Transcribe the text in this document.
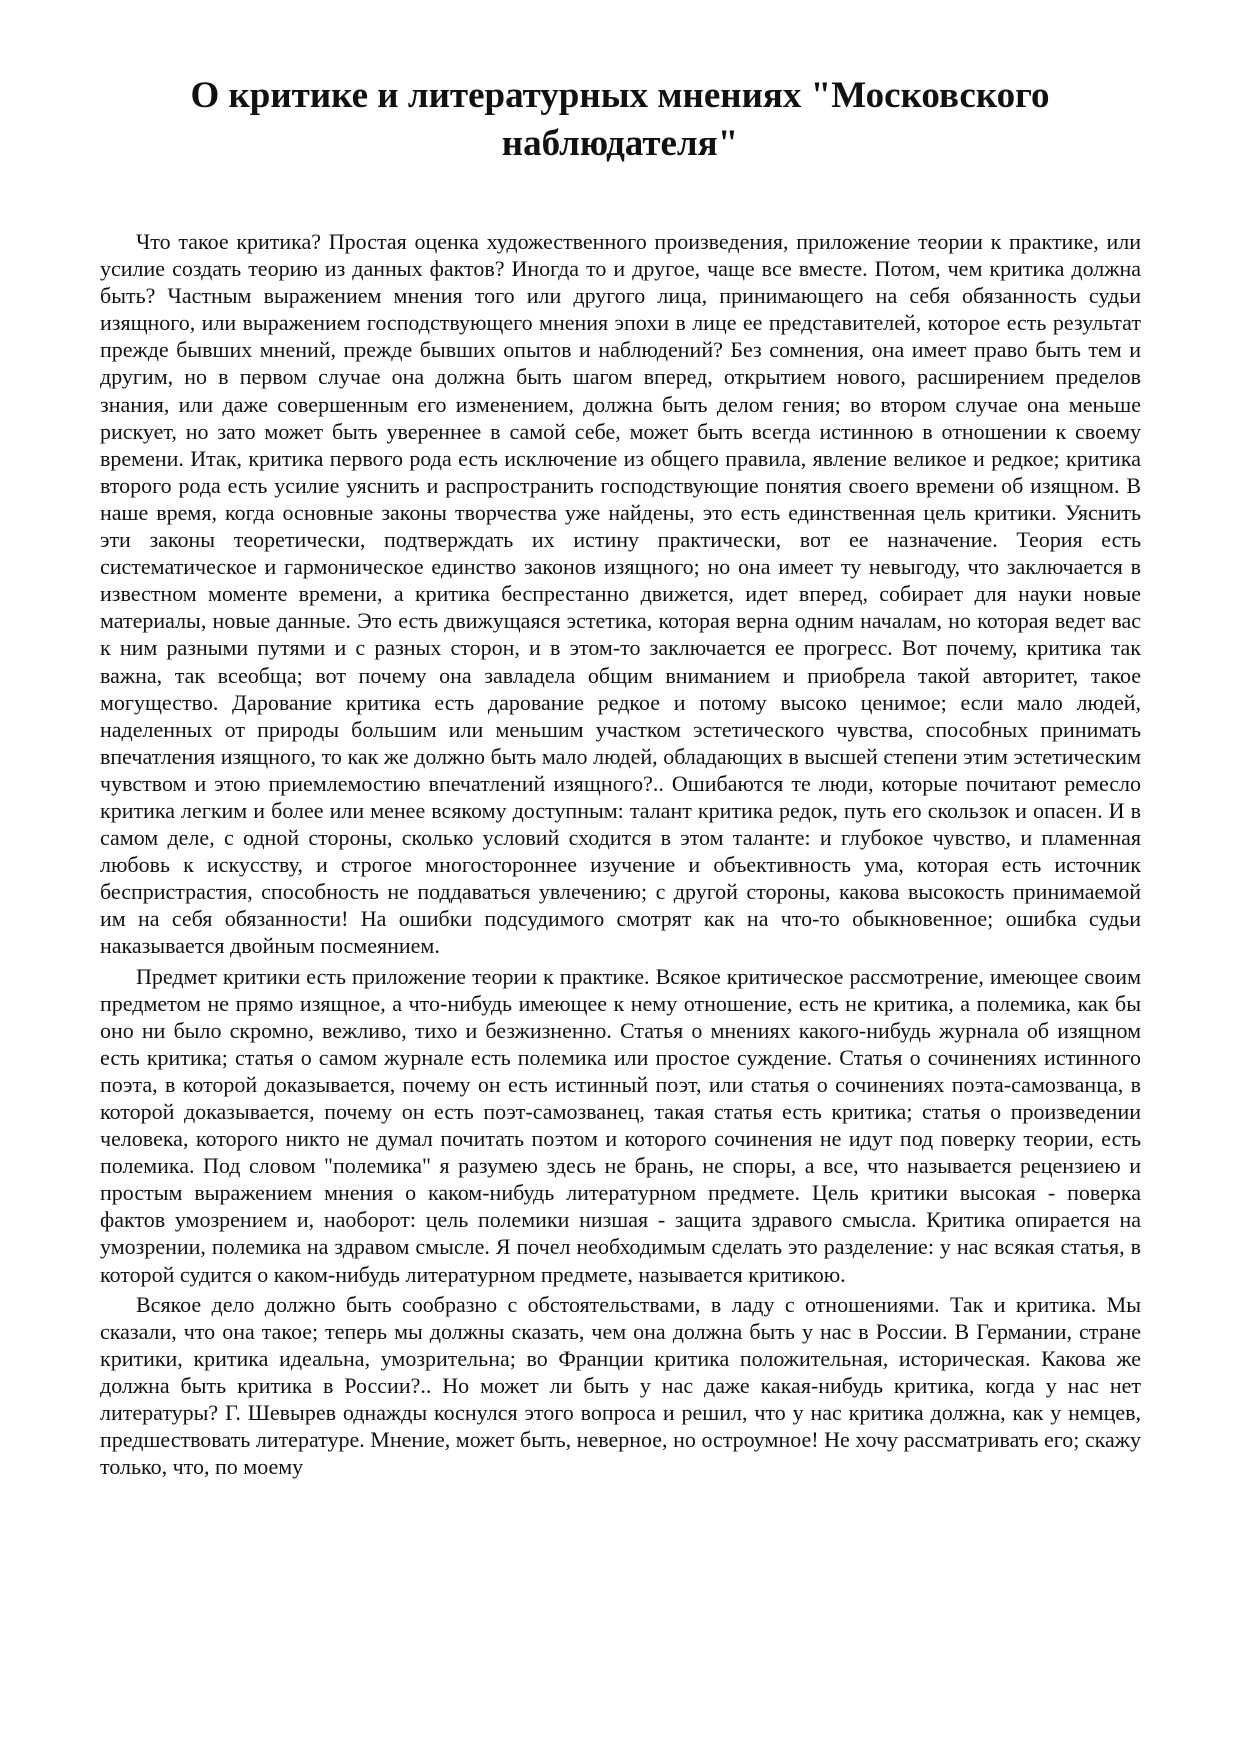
О критике и литературных мнениях "Московского наблюдателя"

Что такое критика? Простая оценка художественного произведения, приложение теории к практике, или усилие создать теорию из данных фактов? Иногда то и другое, чаще все вместе. Потом, чем критика должна быть? Частным выражением мнения того или другого лица, принимающего на себя обязанность судьи изящного, или выражением господствующего мнения эпохи в лице ее представителей, которое есть результат прежде бывших мнений, прежде бывших опытов и наблюдений? Без сомнения, она имеет право быть тем и другим, но в первом случае она должна быть шагом вперед, открытием нового, расширением пределов знания, или даже совершенным его изменением, должна быть делом гения; во втором случае она меньше рискует, но зато может быть увереннее в самой себе, может быть всегда истинною в отношении к своему времени. Итак, критика первого рода есть исключение из общего правила, явление великое и редкое; критика второго рода есть усилие уяснить и распространить господствующие понятия своего времени об изящном. В наше время, когда основные законы творчества уже найдены, это есть единственная цель критики. Уяснить эти законы теоретически, подтверждать их истину практически, вот ее назначение. Теория есть систематическое и гармоническое единство законов изящного; но она имеет ту невыгоду, что заключается в известном моменте времени, а критика беспрестанно движется, идет вперед, собирает для науки новые материалы, новые данные. Это есть движущаяся эстетика, которая верна одним началам, но которая ведет вас к ним разными путями и с разных сторон, и в этом-то заключается ее прогресс. Вот почему, критика так важна, так всеобща; вот почему она завладела общим вниманием и приобрела такой авторитет, такое могущество. Дарование критика есть дарование редкое и потому высоко ценимое; если мало людей, наделенных от природы большим или меньшим участком эстетического чувства, способных принимать впечатления изящного, то как же должно быть мало людей, обладающих в высшей степени этим эстетическим чувством и этою приемлемостию впечатлений изящного?.. Ошибаются те люди, которые почитают ремесло критика легким и более или менее всякому доступным: талант критика редок, путь его скользок и опасен. И в самом деле, с одной стороны, сколько условий сходится в этом таланте: и глубокое чувство, и пламенная любовь к искусству, и строгое многостороннее изучение и объективность ума, которая есть источник беспристрастия, способность не поддаваться увлечению; с другой стороны, какова высокость принимаемой им на себя обязанности! На ошибки подсудимого смотрят как на что-то обыкновенное; ошибка судьи наказывается двойным посмеянием.

Предмет критики есть приложение теории к практике. Всякое критическое рассмотрение, имеющее своим предметом не прямо изящное, а что-нибудь имеющее к нему отношение, есть не критика, а полемика, как бы оно ни было скромно, вежливо, тихо и безжизненно. Статья о мнениях какого-нибудь журнала об изящном есть критика; статья о самом журнале есть полемика или простое суждение. Статья о сочинениях истинного поэта, в которой доказывается, почему он есть истинный поэт, или статья о сочинениях поэта-самозванца, в которой доказывается, почему он есть поэт-самозванец, такая статья есть критика; статья о произведении человека, которого никто не думал почитать поэтом и которого сочинения не идут под поверку теории, есть полемика. Под словом "полемика" я разумею здесь не брань, не споры, а все, что называется рецензиею и простым выражением мнения о каком-нибудь литературном предмете. Цель критики высокая - поверка фактов умозрением и, наоборот: цель полемики низшая - защита здравого смысла. Критика опирается на умозрении, полемика на здравом смысле. Я почел необходимым сделать это разделение: у нас всякая статья, в которой судится о каком-нибудь литературном предмете, называется критикою.

Всякое дело должно быть сообразно с обстоятельствами, в ладу с отношениями. Так и критика. Мы сказали, что она такое; теперь мы должны сказать, чем она должна быть у нас в России. В Германии, стране критики, критика идеальна, умозрительна; во Франции критика положительная, историческая. Какова же должна быть критика в России?.. Но может ли быть у нас даже какая-нибудь критика, когда у нас нет литературы? Г. Шевырев однажды коснулся этого вопроса и решил, что у нас критика должна, как у немцев, предшествовать литературе. Мнение, может быть, неверное, но остроумное! Не хочу рассматривать его; скажу только, что, по моему
